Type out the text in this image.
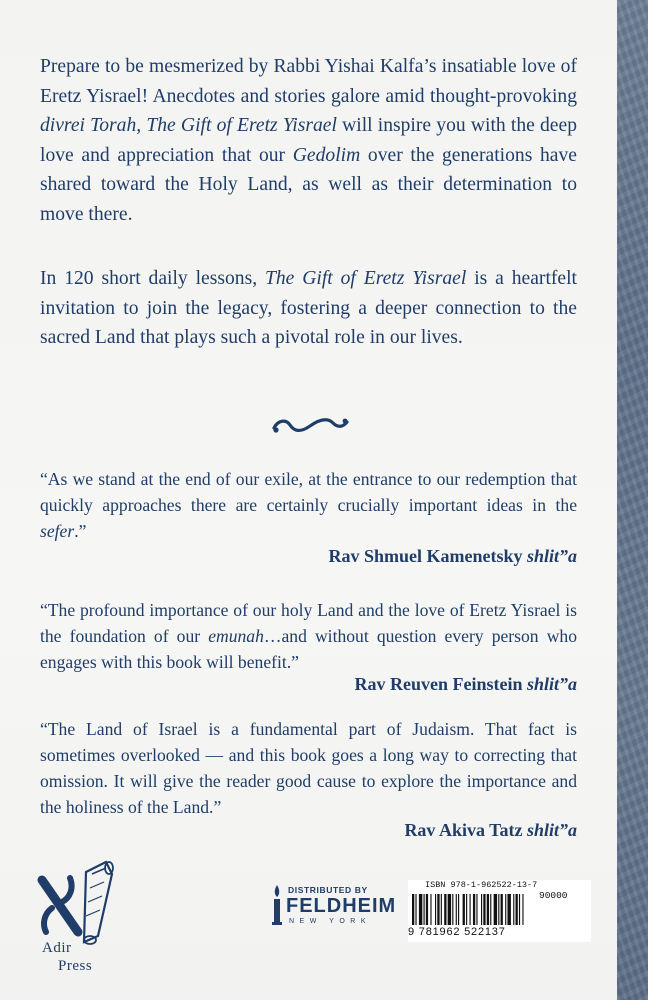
Prepare to be mesmerized by Rabbi Yishai Kalfa’s insatiable love of Eretz Yisrael! Anecdotes and stories galore amid thought-provoking divrei Torah, The Gift of Eretz Yisrael will inspire you with the deep love and appreciation that our Gedolim over the generations have shared toward the Holy Land, as well as their determination to move there.

In 120 short daily lessons, The Gift of Eretz Yisrael is a heartfelt invitation to join the legacy, fostering a deeper connection to the sacred Land that plays such a pivotal role in our lives.

“As we stand at the end of our exile, at the entrance to our redemption that quickly approaches there are certainly crucially important ideas in the sefer.”

Rav Shmuel Kamenetsky shlit”a

“The profound importance of our holy Land and the love of Eretz Yisrael is the foundation of our emunah…and without question every person who engages with this book will benefit.”

Rav Reuven Feinstein shlit”a

“The Land of Israel is a fundamental part of Judaism. That fact is sometimes overlooked — and this book goes a long way to correcting that omission. It will give the reader good cause to explore the importance and the holiness of the Land.”

Rav Akiva Tatz shlit”a

Adir
Press
DISTRIBUTED BY
FELDHEIM
NEW YORK
ISBN 978-1-962522-13-7
90000
9 781962 522137
